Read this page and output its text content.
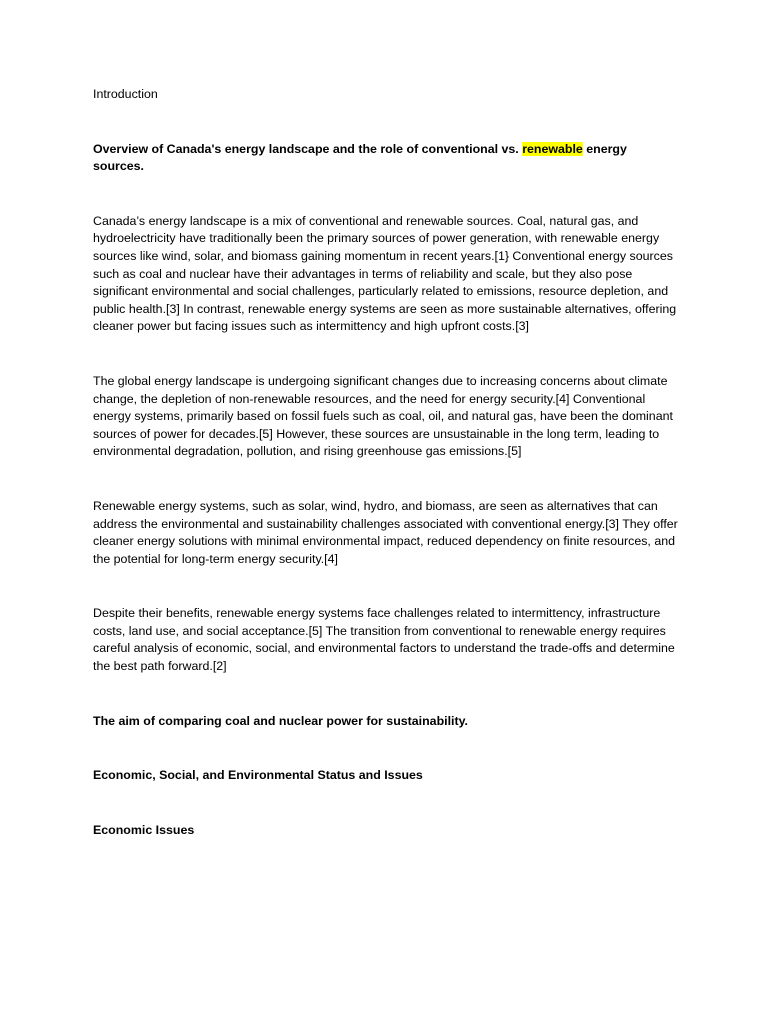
Introduction

Overview of Canada's energy landscape and the role of conventional vs. renewable energy sources.

Canada’s energy landscape is a mix of conventional and renewable sources. Coal, natural gas, and hydroelectricity have traditionally been the primary sources of power generation, with renewable energy sources like wind, solar, and biomass gaining momentum in recent years.[1} Conventional energy sources such as coal and nuclear have their advantages in terms of reliability and scale, but they also pose significant environmental and social challenges, particularly related to emissions, resource depletion, and public health.[3] In contrast, renewable energy systems are seen as more sustainable alternatives, offering cleaner power but facing issues such as intermittency and high upfront costs.[3]

The global energy landscape is undergoing significant changes due to increasing concerns about climate change, the depletion of non-renewable resources, and the need for energy security.[4] Conventional energy systems, primarily based on fossil fuels such as coal, oil, and natural gas, have been the dominant sources of power for decades.[5] However, these sources are unsustainable in the long term, leading to environmental degradation, pollution, and rising greenhouse gas emissions.[5]

Renewable energy systems, such as solar, wind, hydro, and biomass, are seen as alternatives that can address the environmental and sustainability challenges associated with conventional energy.[3] They offer cleaner energy solutions with minimal environmental impact, reduced dependency on finite resources, and the potential for long-term energy security.[4]

Despite their benefits, renewable energy systems face challenges related to intermittency, infrastructure costs, land use, and social acceptance.[5] The transition from conventional to renewable energy requires careful analysis of economic, social, and environmental factors to understand the trade-offs and determine the best path forward.[2]

The aim of comparing coal and nuclear power for sustainability.

Economic, Social, and Environmental Status and Issues

Economic Issues
